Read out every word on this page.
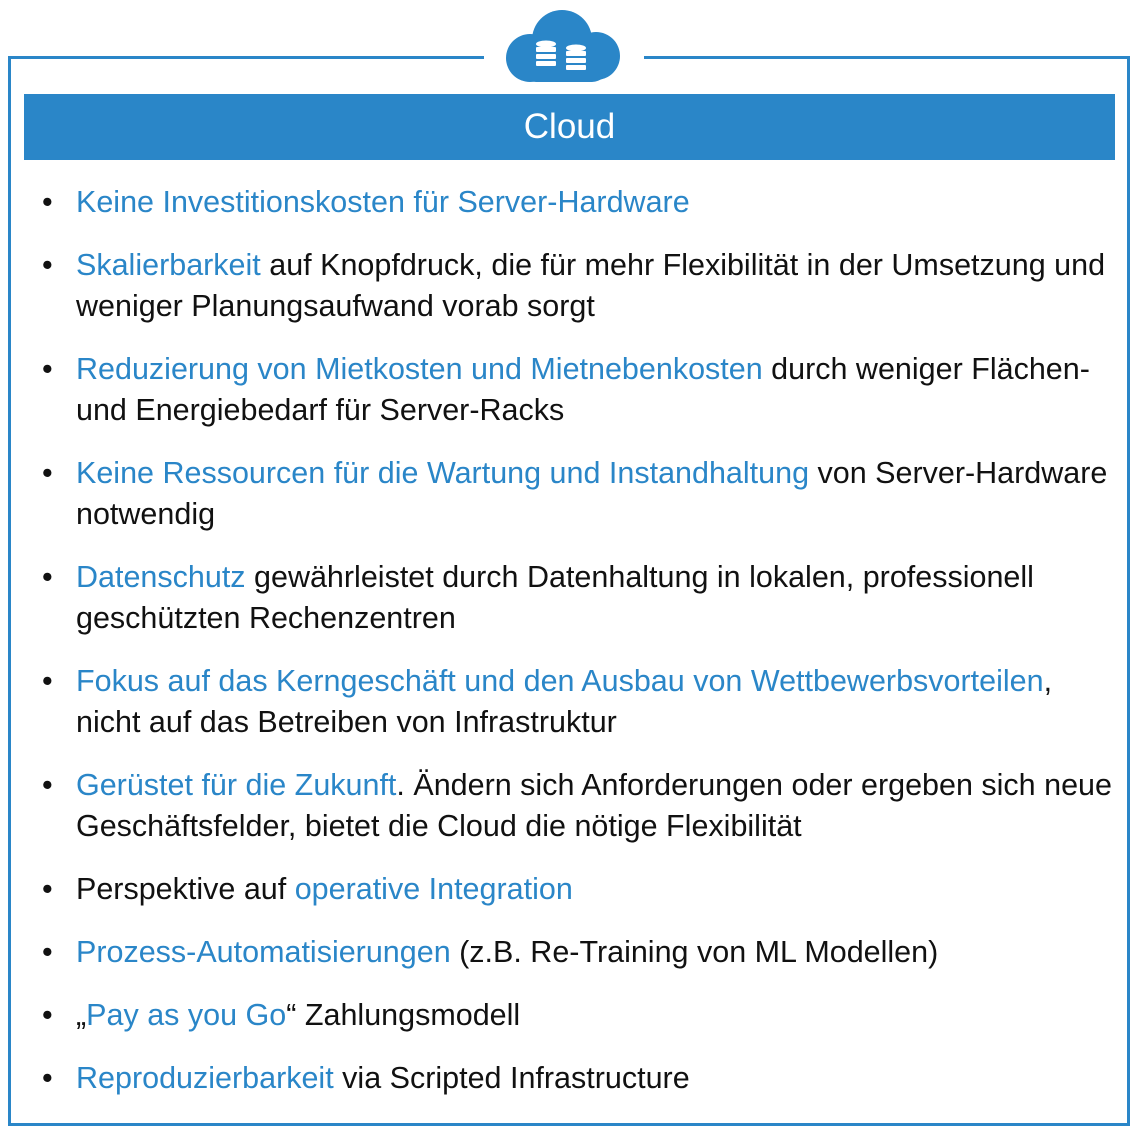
Cloud
• Keine Investitionskosten für Server-Hardware
• Skalierbarkeit auf Knopfdruck, die für mehr Flexibilität in der Umsetzung und weniger Planungsaufwand vorab sorgt
• Reduzierung von Mietkosten und Mietnebenkosten durch weniger Flächen- und Energiebedarf für Server-Racks
• Keine Ressourcen für die Wartung und Instandhaltung von Server-Hardware notwendig
• Datenschutz gewährleistet durch Datenhaltung in lokalen, professionell geschützten Rechenzentren
• Fokus auf das Kerngeschäft und den Ausbau von Wettbewerbsvorteilen, nicht auf das Betreiben von Infrastruktur
• Gerüstet für die Zukunft. Ändern sich Anforderungen oder ergeben sich neue Geschäftsfelder, bietet die Cloud die nötige Flexibilität
• Perspektive auf operative Integration
• Prozess-Automatisierungen (z.B. Re-Training von ML Modellen)
• „Pay as you Go“ Zahlungsmodell
• Reproduzierbarkeit via Scripted Infrastructure
